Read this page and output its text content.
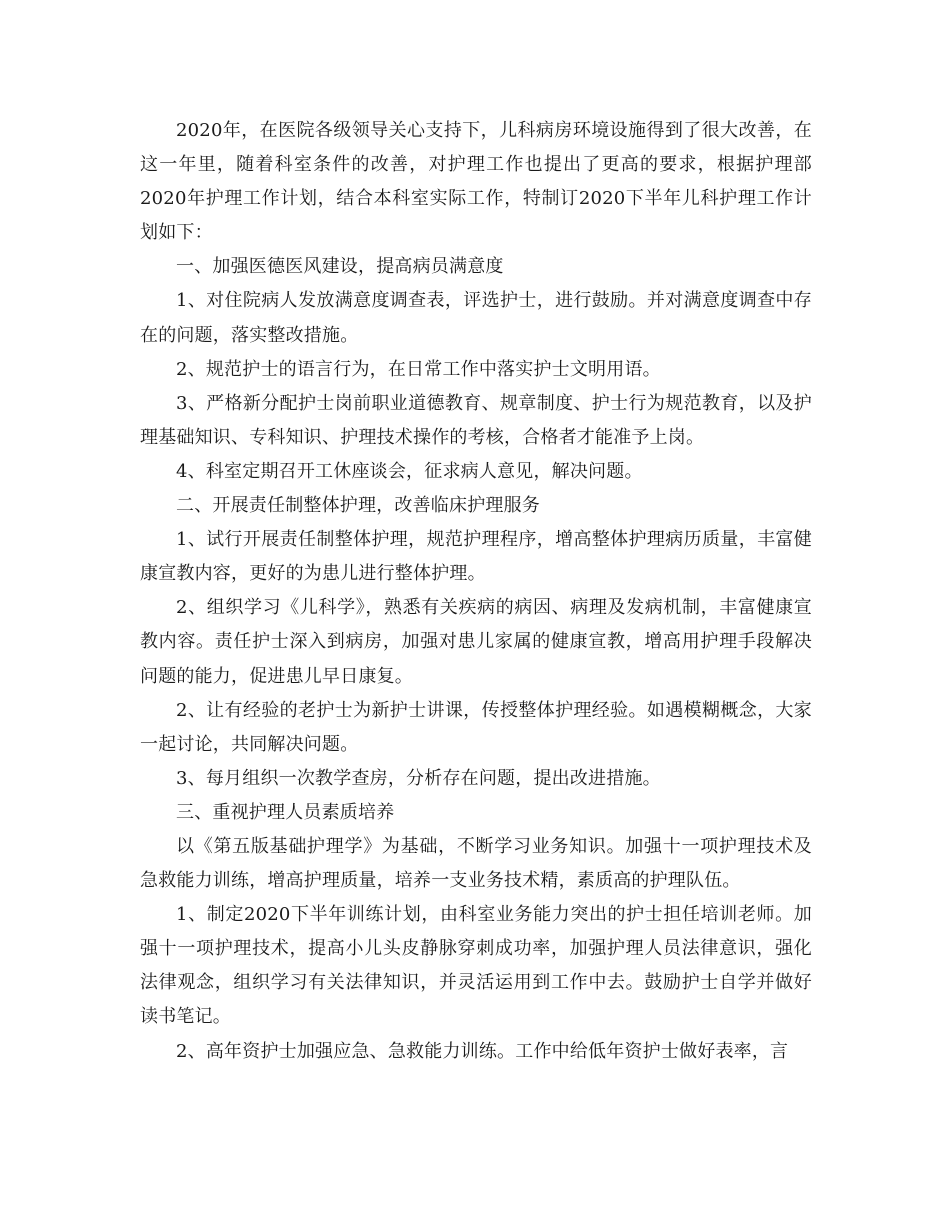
2020年，在医院各级领导关心支持下，儿科病房环境设施得到了很大改善，在这一年里，随着科室条件的改善，对护理工作也提出了更高的要求，根据护理部2020年护理工作计划，结合本科室实际工作，特制订2020下半年儿科护理工作计划如下：

一、加强医德医风建设，提高病员满意度

1、对住院病人发放满意度调查表，评选护士，进行鼓励。并对满意度调查中存在的问题，落实整改措施。

2、规范护士的语言行为，在日常工作中落实护士文明用语。

3、严格新分配护士岗前职业道德教育、规章制度、护士行为规范教育，以及护理基础知识、专科知识、护理技术操作的考核，合格者才能准予上岗。

4、科室定期召开工休座谈会，征求病人意见，解决问题。

二、开展责任制整体护理，改善临床护理服务

1、试行开展责任制整体护理，规范护理程序，增高整体护理病历质量，丰富健康宣教内容，更好的为患儿进行整体护理。

2、组织学习《儿科学》，熟悉有关疾病的病因、病理及发病机制，丰富健康宣教内容。责任护士深入到病房，加强对患儿家属的健康宣教，增高用护理手段解决问题的能力，促进患儿早日康复。

2、让有经验的老护士为新护士讲课，传授整体护理经验。如遇模糊概念，大家一起讨论，共同解决问题。

3、每月组织一次教学查房，分析存在问题，提出改进措施。

三、重视护理人员素质培养

以《第五版基础护理学》为基础，不断学习业务知识。加强十一项护理技术及急救能力训练，增高护理质量，培养一支业务技术精，素质高的护理队伍。

1、制定2020下半年训练计划，由科室业务能力突出的护士担任培训老师。加强十一项护理技术，提高小儿头皮静脉穿刺成功率，加强护理人员法律意识，强化法律观念，组织学习有关法律知识，并灵活运用到工作中去。鼓励护士自学并做好读书笔记。

2、高年资护士加强应急、急救能力训练。工作中给低年资护士做好表率，言
